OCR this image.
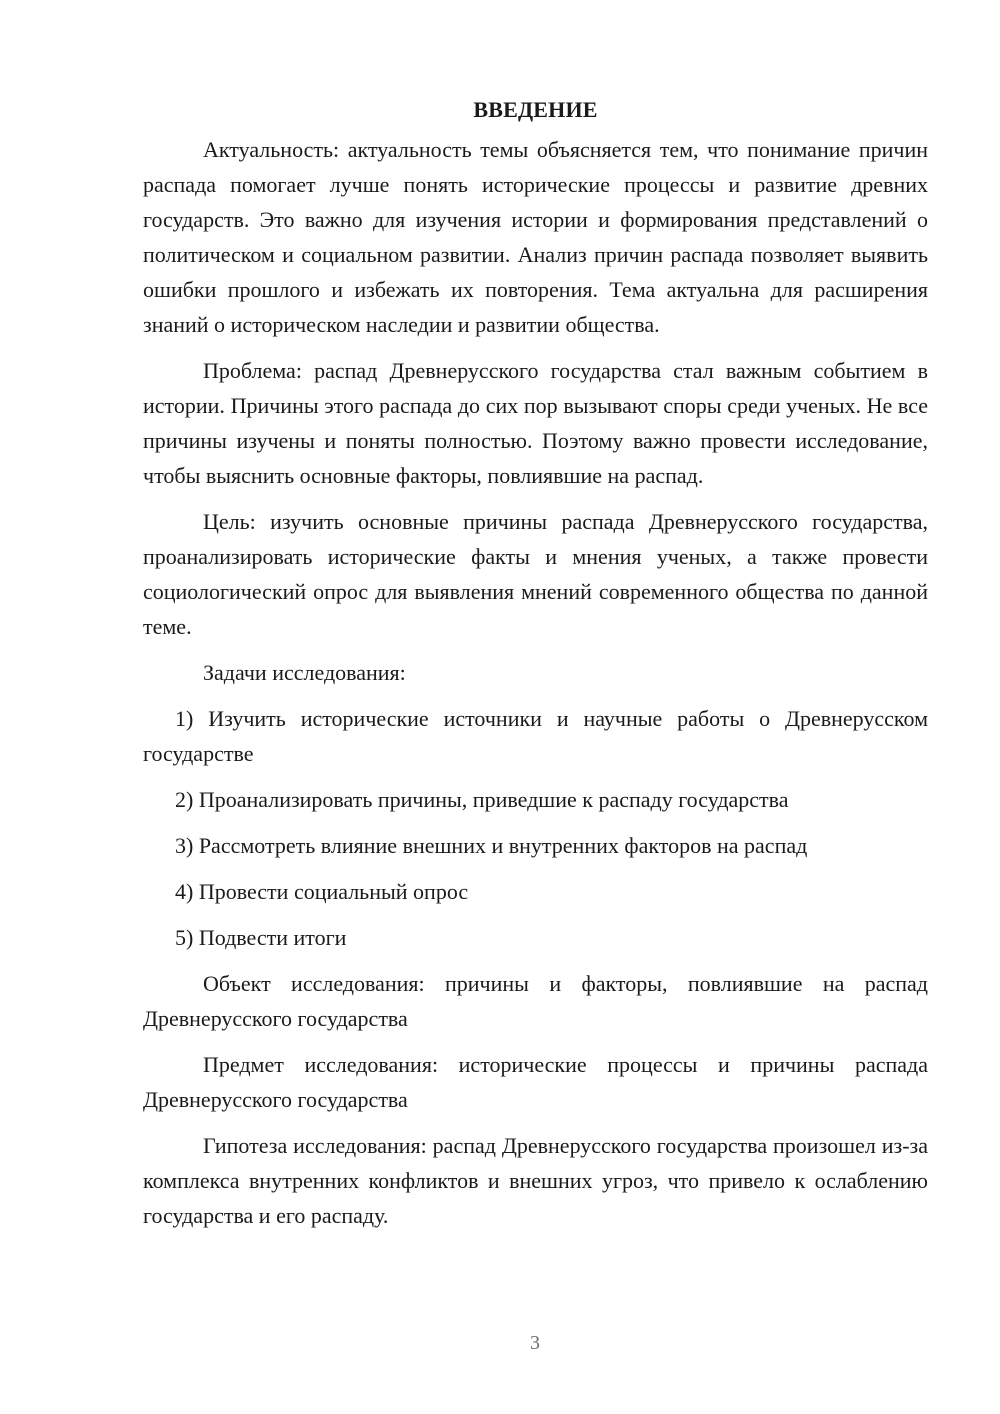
ВВЕДЕНИЕ

Актуальность: актуальность темы объясняется тем, что понимание причин распада помогает лучше понять исторические процессы и развитие древних государств. Это важно для изучения истории и формирования представлений о политическом и социальном развитии. Анализ причин распада позволяет выявить ошибки прошлого и избежать их повторения. Тема актуальна для расширения знаний о историческом наследии и развитии общества.

Проблема: распад Древнерусского государства стал важным событием в истории. Причины этого распада до сих пор вызывают споры среди ученых. Не все причины изучены и поняты полностью. Поэтому важно провести исследование, чтобы выяснить основные факторы, повлиявшие на распад.

Цель: изучить основные причины распада Древнерусского государства, проанализировать исторические факты и мнения ученых, а также провести социологический опрос для выявления мнений современного общества по данной теме.

Задачи исследования:

1) Изучить исторические источники и научные работы о Древнерусском государстве

2) Проанализировать причины, приведшие к распаду государства

3) Рассмотреть влияние внешних и внутренних факторов на распад

4) Провести социальный опрос

5) Подвести итоги

Объект исследования: причины и факторы, повлиявшие на распад Древнерусского государства

Предмет исследования: исторические процессы и причины распада Древнерусского государства

Гипотеза исследования: распад Древнерусского государства произошел из-за комплекса внутренних конфликтов и внешних угроз, что привело к ослаблению государства и его распаду.

3
